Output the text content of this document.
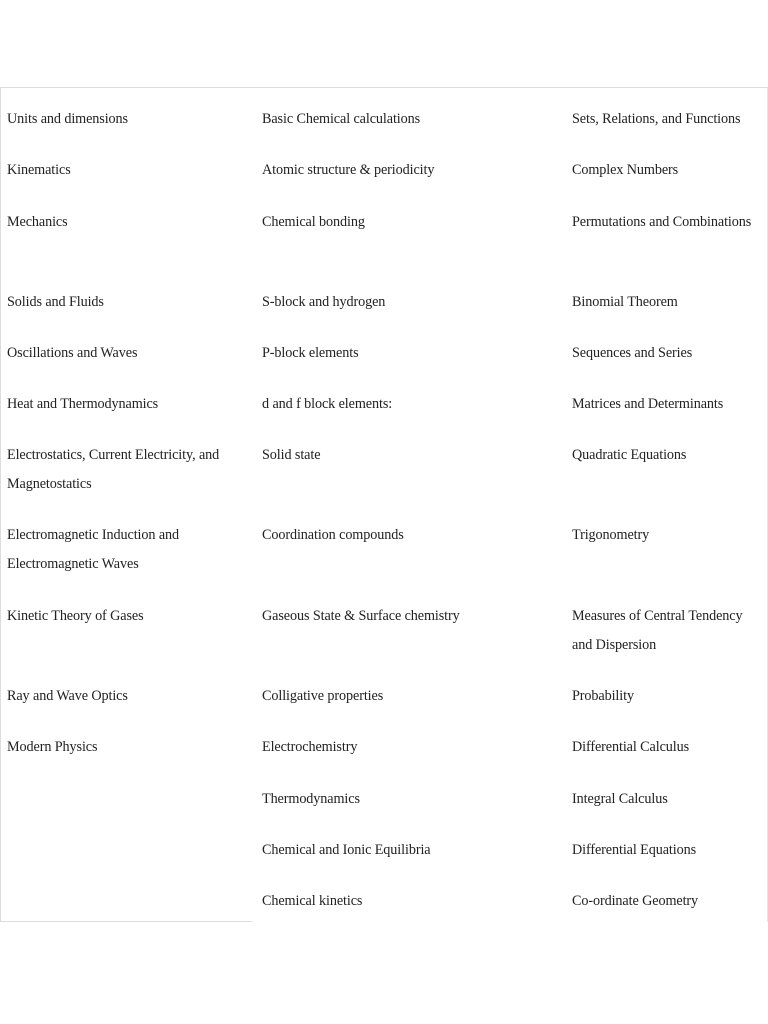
Units and dimensions
Kinematics
Mechanics
Solids and Fluids
Oscillations and Waves
Heat and Thermodynamics
Electrostatics, Current Electricity, and Magnetostatics
Electromagnetic Induction and Electromagnetic Waves
Kinetic Theory of Gases
Ray and Wave Optics
Modern Physics
Basic Chemical calculations
Atomic structure & periodicity
Chemical bonding
S-block and hydrogen
P-block elements
d and f block elements:
Solid state
Coordination compounds
Gaseous State & Surface chemistry
Colligative properties
Electrochemistry
Thermodynamics
Chemical and Ionic Equilibria
Chemical kinetics
Sets, Relations, and Functions
Complex Numbers
Permutations and Combinations
Binomial Theorem
Sequences and Series
Matrices and Determinants
Quadratic Equations
Trigonometry
Measures of Central Tendency and Dispersion
Probability
Differential Calculus
Integral Calculus
Differential Equations
Co-ordinate Geometry
